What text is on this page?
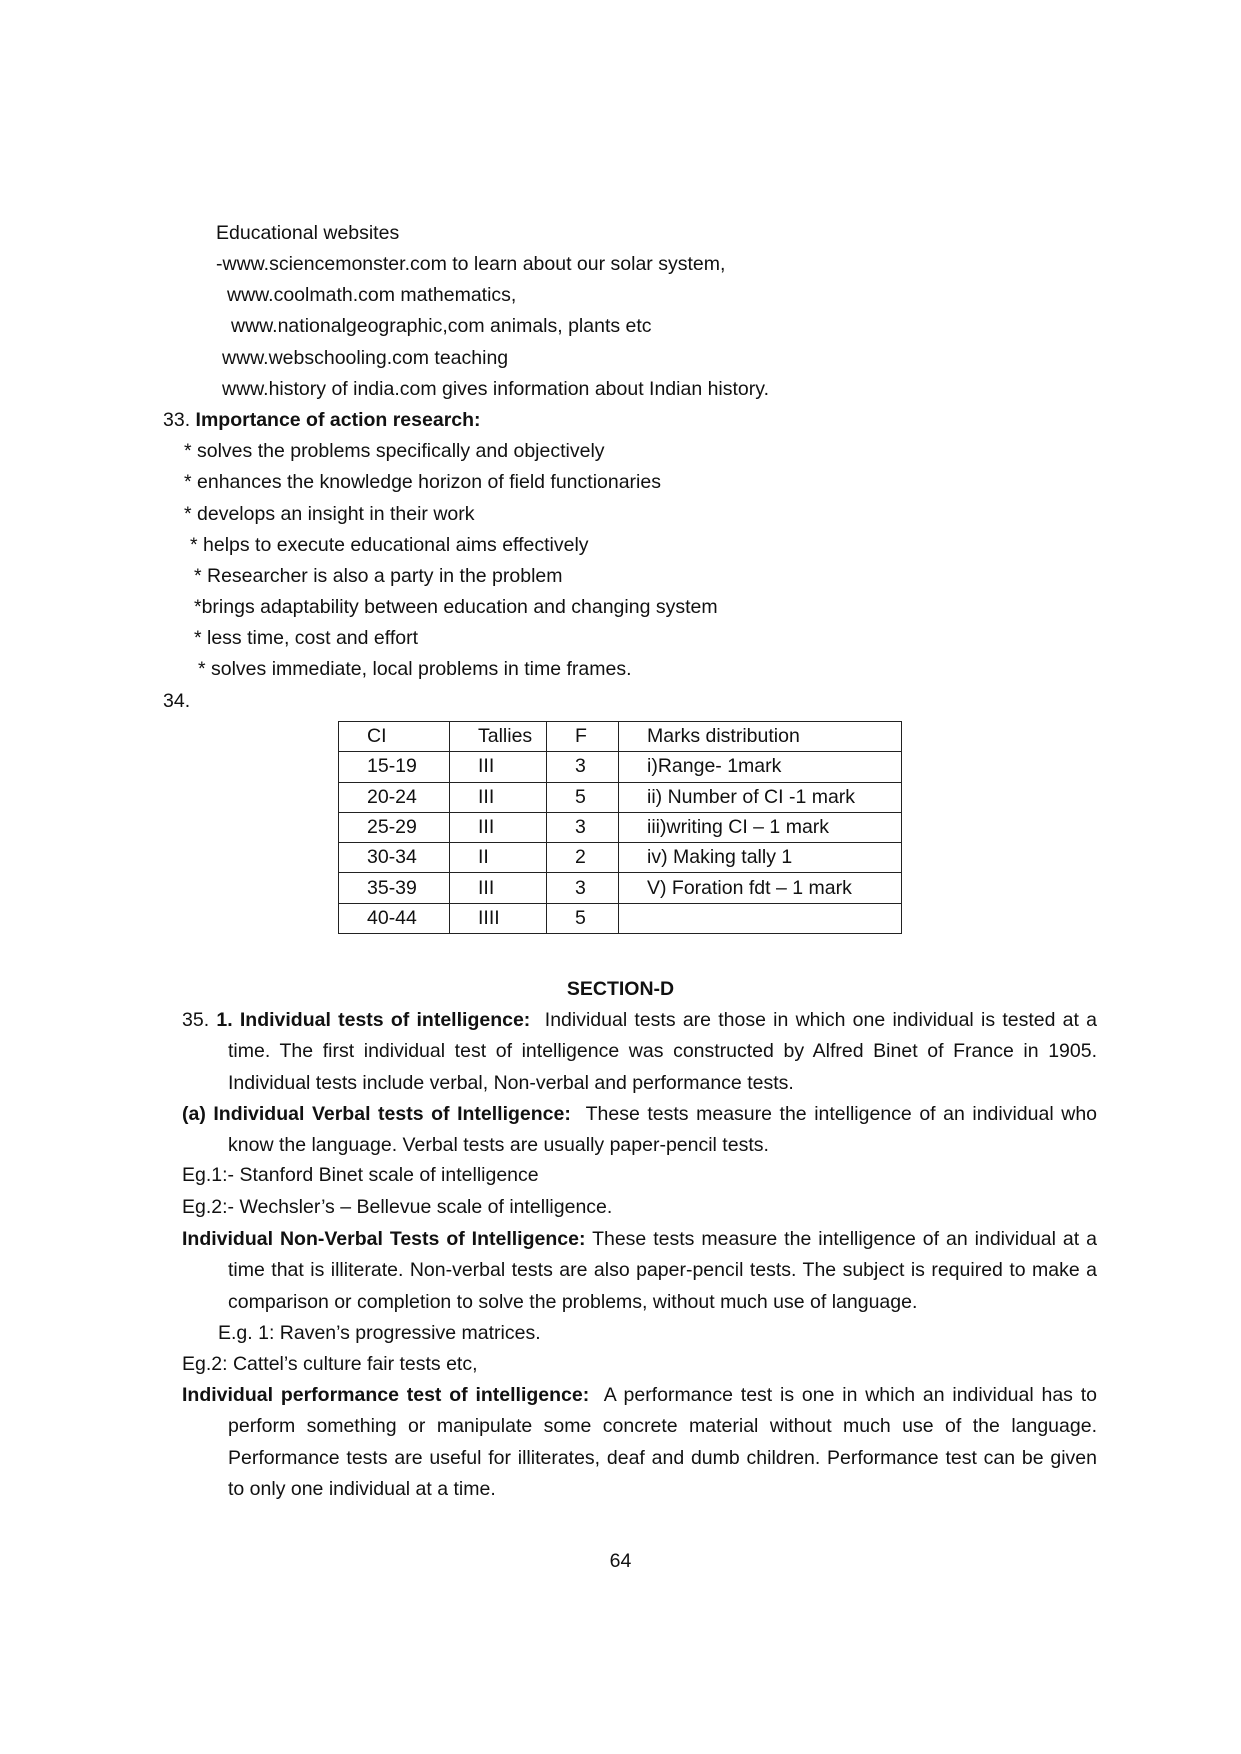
Educational websites
-www.sciencemonster.com to learn about our solar system,
www.coolmath.com mathematics,
www.nationalgeographic,com animals, plants etc
www.webschooling.com teaching
www.history of india.com gives information about Indian history.
33. Importance of action research:
* solves the problems specifically and objectively
* enhances the knowledge horizon of field functionaries
* develops an insight in their work
* helps to execute educational aims effectively
* Researcher is also a party in the problem
*brings adaptability between education and changing system
* less time, cost and effort
* solves immediate, local problems in time frames.
34.
CI	Tallies	F	Marks distribution
15-19	III	3	i)Range- 1mark
20-24	III	5	ii) Number of CI -1 mark
25-29	III	3	iii)writing CI – 1 mark
30-34	II	2	iv) Making tally 1
35-39	III	3	V) Foration fdt – 1 mark
40-44	IIII	5	
SECTION-D
35. 1. Individual tests of intelligence: Individual tests are those in which one individual is tested at a time. The first individual test of intelligence was constructed by Alfred Binet of France in 1905. Individual tests include verbal, Non-verbal and performance tests.
(a) Individual Verbal tests of Intelligence: These tests measure the intelligence of an individual who know the language. Verbal tests are usually paper-pencil tests.
Eg.1:- Stanford Binet scale of intelligence
Eg.2:- Wechsler’s – Bellevue scale of intelligence.
Individual Non-Verbal Tests of Intelligence: These tests measure the intelligence of an individual at a time that is illiterate. Non-verbal tests are also paper-pencil tests. The subject is required to make a comparison or completion to solve the problems, without much use of language.
E.g. 1: Raven’s progressive matrices.
Eg.2: Cattel’s culture fair tests etc,
Individual performance test of intelligence: A performance test is one in which an individual has to perform something or manipulate some concrete material without much use of the language. Performance tests are useful for illiterates, deaf and dumb children. Performance test can be given to only one individual at a time.
64
